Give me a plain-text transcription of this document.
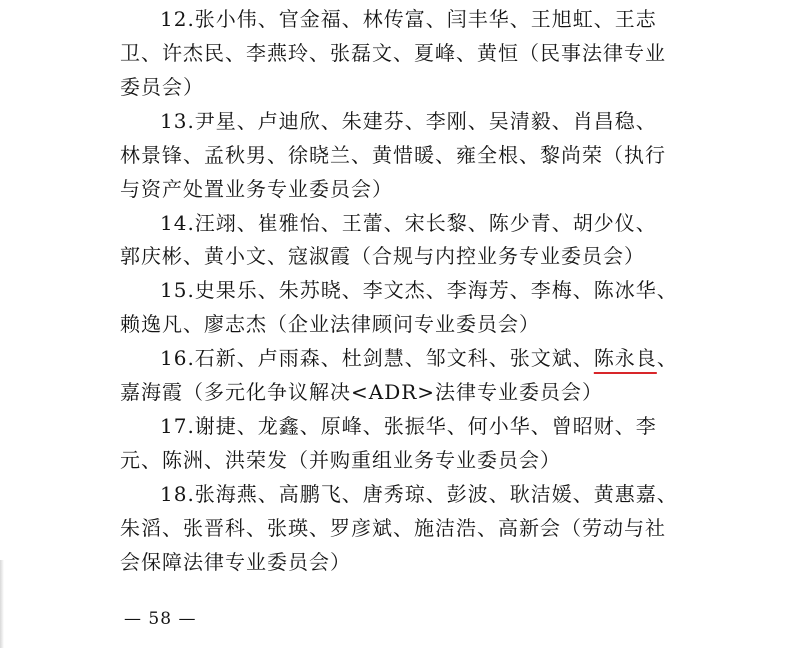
12.张小伟、官金福、林传富、闫丰华、王旭虹、王志
卫、许杰民、李燕玲、张磊文、夏峰、黄恒（民事法律专业
委员会）
13.尹星、卢迪欣、朱建芬、李刚、吴清毅、肖昌稳、
林景锋、孟秋男、徐晓兰、黄惜暖、雍全根、黎尚荣（执行
与资产处置业务专业委员会）
14.汪翊、崔雅怡、王蕾、宋长黎、陈少青、胡少仪、
郭庆彬、黄小文、寇淑霞（合规与内控业务专业委员会）
15.史果乐、朱苏晓、李文杰、李海芳、李梅、陈冰华、
赖逸凡、廖志杰（企业法律顾问专业委员会）
16.石新、卢雨森、杜剑慧、邹文科、张文斌、陈永良、
嘉海霞（多元化争议解决<ADR>法律专业委员会）
17.谢捷、龙鑫、原峰、张振华、何小华、曾昭财、李
元、陈洲、洪荣发（并购重组业务专业委员会）
18.张海燕、高鹏飞、唐秀琼、彭波、耿洁媛、黄惠嘉、
朱滔、张晋科、张瑛、罗彦斌、施洁浩、高新会（劳动与社
会保障法律专业委员会）
— 58 —
